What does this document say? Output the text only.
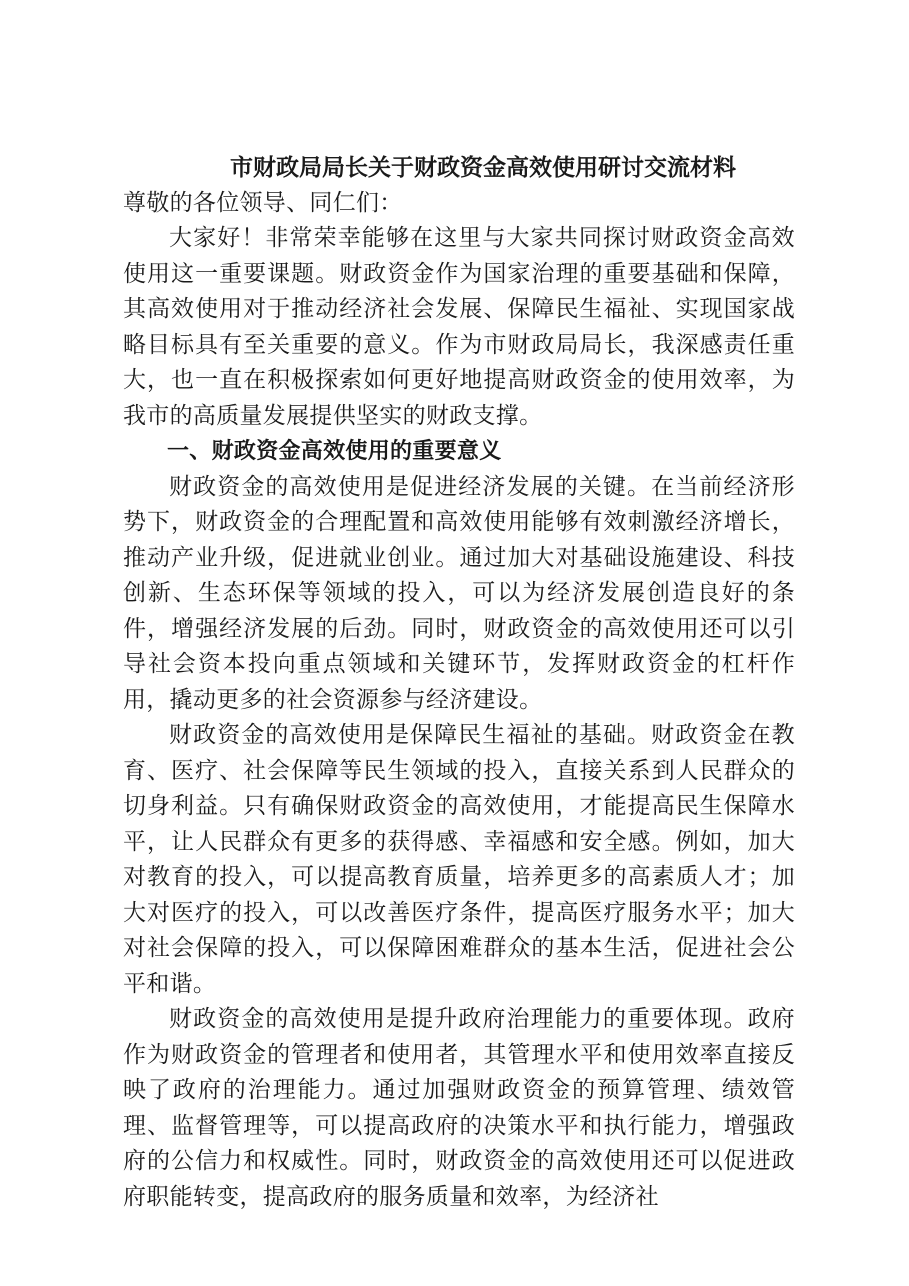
市财政局局长关于财政资金高效使用研讨交流材料

尊敬的各位领导、同仁们：

大家好！非常荣幸能够在这里与大家共同探讨财政资金高效使用这一重要课题。财政资金作为国家治理的重要基础和保障，其高效使用对于推动经济社会发展、保障民生福祉、实现国家战略目标具有至关重要的意义。作为市财政局局长，我深感责任重大，也一直在积极探索如何更好地提高财政资金的使用效率，为我市的高质量发展提供坚实的财政支撑。

一、财政资金高效使用的重要意义

财政资金的高效使用是促进经济发展的关键。在当前经济形势下，财政资金的合理配置和高效使用能够有效刺激经济增长，推动产业升级，促进就业创业。通过加大对基础设施建设、科技创新、生态环保等领域的投入，可以为经济发展创造良好的条件，增强经济发展的后劲。同时，财政资金的高效使用还可以引导社会资本投向重点领域和关键环节，发挥财政资金的杠杆作用，撬动更多的社会资源参与经济建设。

财政资金的高效使用是保障民生福祉的基础。财政资金在教育、医疗、社会保障等民生领域的投入，直接关系到人民群众的切身利益。只有确保财政资金的高效使用，才能提高民生保障水平，让人民群众有更多的获得感、幸福感和安全感。例如，加大对教育的投入，可以提高教育质量，培养更多的高素质人才；加大对医疗的投入，可以改善医疗条件，提高医疗服务水平；加大对社会保障的投入，可以保障困难群众的基本生活，促进社会公平和谐。

财政资金的高效使用是提升政府治理能力的重要体现。政府作为财政资金的管理者和使用者，其管理水平和使用效率直接反映了政府的治理能力。通过加强财政资金的预算管理、绩效管理、监督管理等，可以提高政府的决策水平和执行能力，增强政府的公信力和权威性。同时，财政资金的高效使用还可以促进政府职能转变，提高政府的服务质量和效率，为经济社
